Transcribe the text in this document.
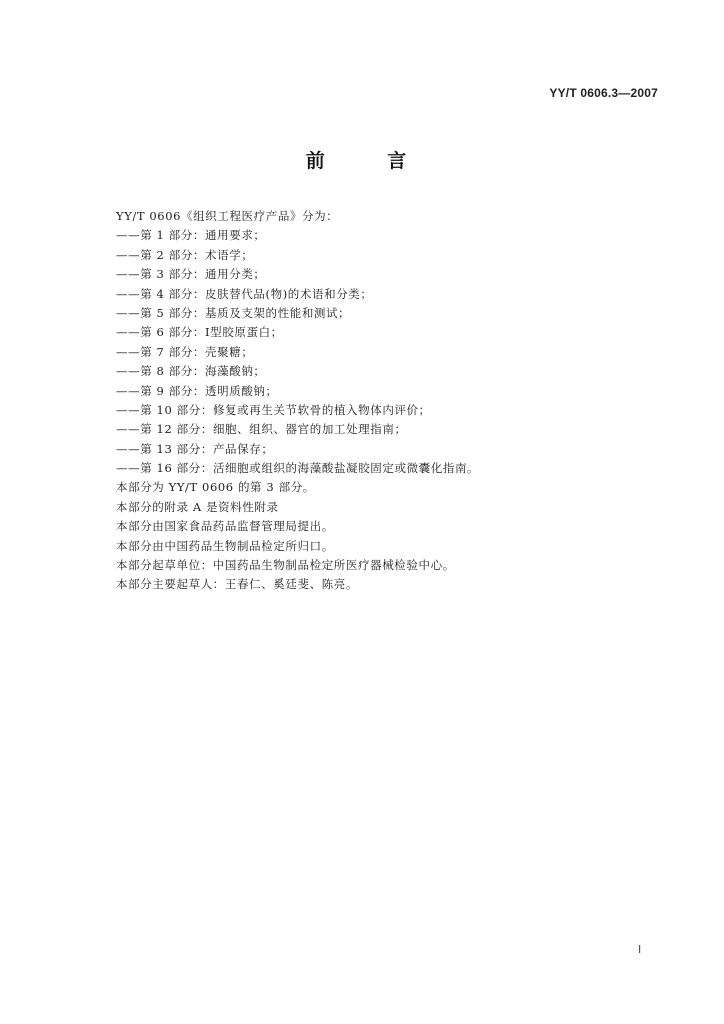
YY/T 0606.3—2007
前 言
YY/T 0606《组织工程医疗产品》分为：
——第 1 部分：通用要求；
——第 2 部分：术语学；
——第 3 部分：通用分类；
——第 4 部分：皮肤替代品(物)的术语和分类；
——第 5 部分：基质及支架的性能和测试；
——第 6 部分：Ⅰ型胶原蛋白；
——第 7 部分：壳聚糖；
——第 8 部分：海藻酸钠；
——第 9 部分：透明质酸钠；
——第 10 部分：修复或再生关节软骨的植入物体内评价；
——第 12 部分：细胞、组织、器官的加工处理指南；
——第 13 部分：产品保存；
——第 16 部分：活细胞或组织的海藻酸盐凝胶固定或微囊化指南。
本部分为 YY/T 0606 的第 3 部分。
本部分的附录 A 是资料性附录
本部分由国家食品药品监督管理局提出。
本部分由中国药品生物制品检定所归口。
本部分起草单位：中国药品生物制品检定所医疗器械检验中心。
本部分主要起草人：王春仁、奚廷斐、陈亮。
Ⅰ
